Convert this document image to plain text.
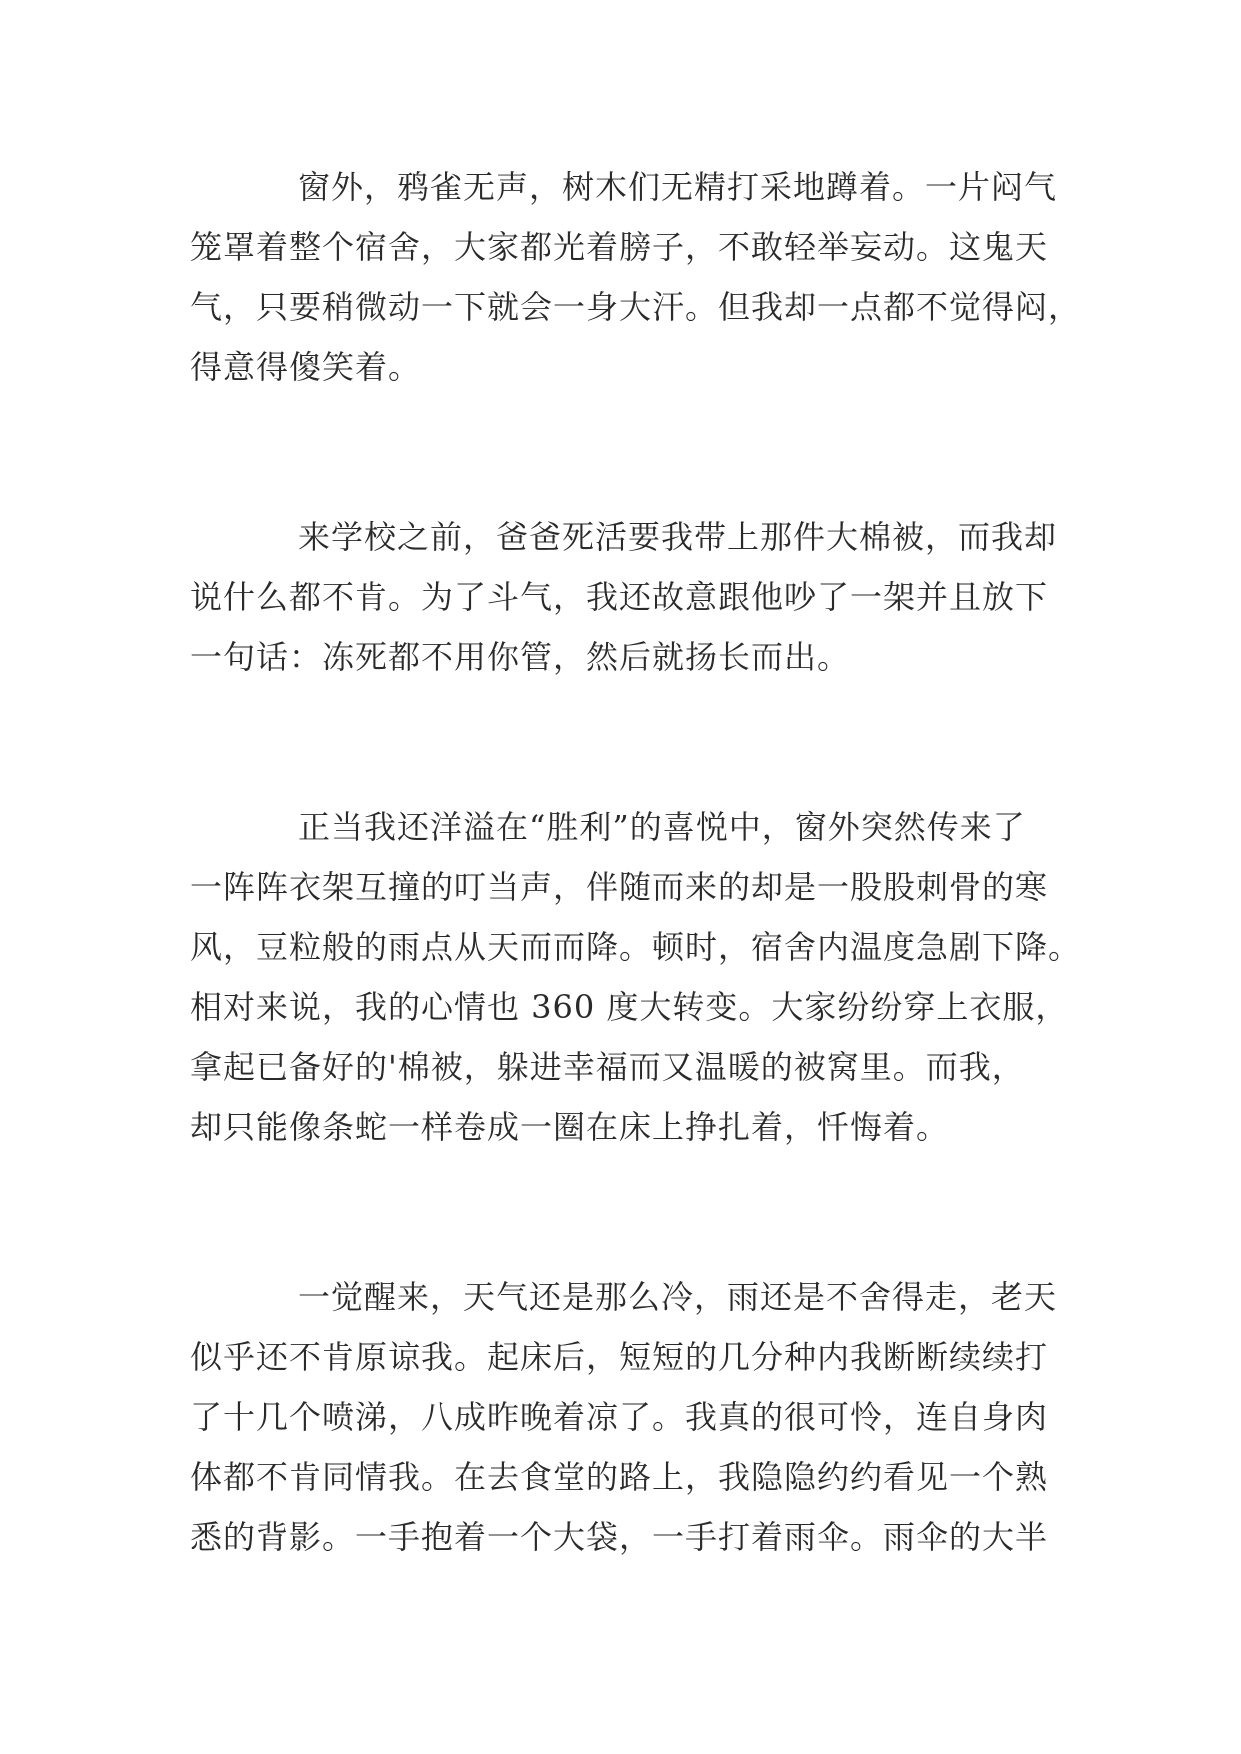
窗外，鸦雀无声，树木们无精打采地蹲着。一片闷气
笼罩着整个宿舍，大家都光着膀子，不敢轻举妄动。这鬼天
气，只要稍微动一下就会一身大汗。但我却一点都不觉得闷，
得意得傻笑着。

来学校之前，爸爸死活要我带上那件大棉被，而我却
说什么都不肯。为了斗气，我还故意跟他吵了一架并且放下
一句话：冻死都不用你管，然后就扬长而出。

正当我还洋溢在“胜利”的喜悦中，窗外突然传来了
一阵阵衣架互撞的叮当声，伴随而来的却是一股股刺骨的寒
风，豆粒般的雨点从天而而降。顿时，宿舍内温度急剧下降。
相对来说，我的心情也 360 度大转变。大家纷纷穿上衣服，
拿起已备好的'棉被，躲进幸福而又温暖的被窝里。而我，
却只能像条蛇一样卷成一圈在床上挣扎着，忏悔着。

一觉醒来，天气还是那么冷，雨还是不舍得走，老天
似乎还不肯原谅我。起床后，短短的几分种内我断断续续打
了十几个喷涕，八成昨晚着凉了。我真的很可怜，连自身肉
体都不肯同情我。在去食堂的路上，我隐隐约约看见一个熟
悉的背影。一手抱着一个大袋，一手打着雨伞。雨伞的大半
